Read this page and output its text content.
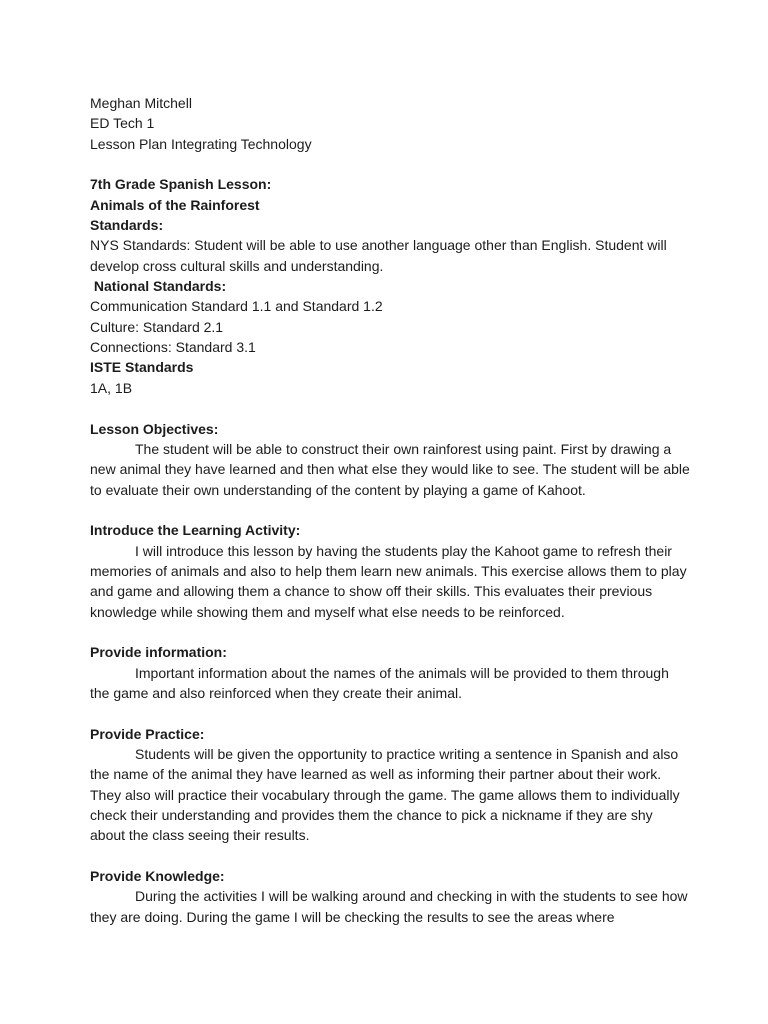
Meghan Mitchell
ED Tech 1
Lesson Plan Integrating Technology
7th Grade Spanish Lesson:
Animals of the Rainforest
Standards:

NYS Standards: Student will be able to use another language other than English. Student will develop cross cultural skills and understanding.

National Standards:
Communication Standard 1.1 and Standard 1.2
Culture: Standard 2.1
Connections: Standard 3.1
ISTE Standards
1A, 1B
Lesson Objectives:

The student will be able to construct their own rainforest using paint. First by drawing a new animal they have learned and then what else they would like to see. The student will be able to evaluate their own understanding of the content by playing a game of Kahoot.

Introduce the Learning Activity:

I will introduce this lesson by having the students play the Kahoot game to refresh their memories of animals and also to help them learn new animals. This exercise allows them to play and game and allowing them a chance to show off their skills. This evaluates their previous knowledge while showing them and myself what else needs to be reinforced.

Provide information:

Important information about the names of the animals will be provided to them through the game and also reinforced when they create their animal.

Provide Practice:

Students will be given the opportunity to practice writing a sentence in Spanish and also the name of the animal they have learned as well as informing their partner about their work. They also will practice their vocabulary through the game. The game allows them to individually check their understanding and provides them the chance to pick a nickname if they are shy about the class seeing their results.

Provide Knowledge:

During the activities I will be walking around and checking in with the students to see how they are doing. During the game I will be checking the results to see the areas where
